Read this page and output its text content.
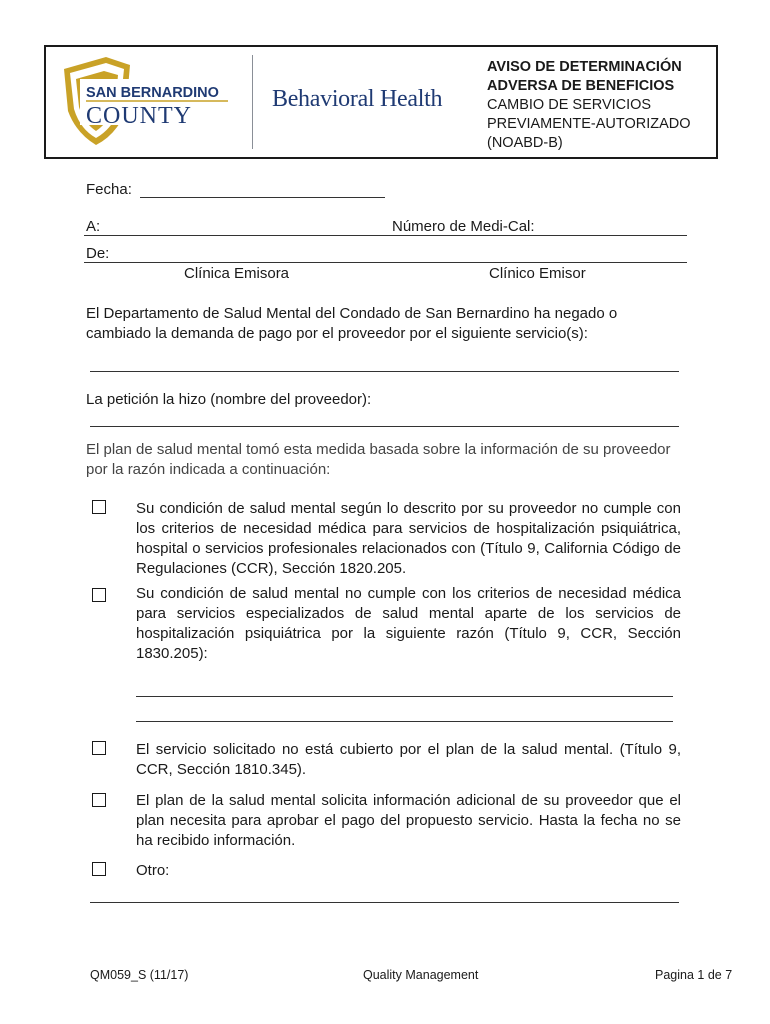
SAN BERNARDINO
COUNTY
Behavioral Health
AVISO DE DETERMINACIÓN
ADVERSA DE BENEFICIOS
CAMBIO DE SERVICIOS
PREVIAMENTE-AUTORIZADO
(NOABD-B)
Fecha:
A:	Número de Medi-Cal:
De:
Clínica Emisora	Clínico Emisor
El Departamento de Salud Mental del Condado de San Bernardino ha negado o cambiado la demanda de pago por el proveedor por el siguiente servicio(s):
La petición la hizo (nombre del proveedor):
El plan de salud mental tomó esta medida basada sobre la información de su proveedor por la razón indicada a continuación:
Su condición de salud mental según lo descrito por su proveedor no cumple con los criterios de necesidad médica para servicios de hospitalización psiquiátrica, hospital o servicios profesionales relacionados con (Título 9, California Código de Regulaciones (CCR), Sección 1820.205.
Su condición de salud mental no cumple con los criterios de necesidad médica para servicios especializados de salud mental aparte de los servicios de hospitalización psiquiátrica por la siguiente razón (Título 9, CCR, Sección 1830.205):
El servicio solicitado no está cubierto por el plan de la salud mental. (Título 9, CCR, Sección 1810.345).
El plan de la salud mental solicita información adicional de su proveedor que el plan necesita para aprobar el pago del propuesto servicio. Hasta la fecha no se ha recibido información.
Otro:
QM059_S (11/17)	Quality Management	Pagina 1 de 7
